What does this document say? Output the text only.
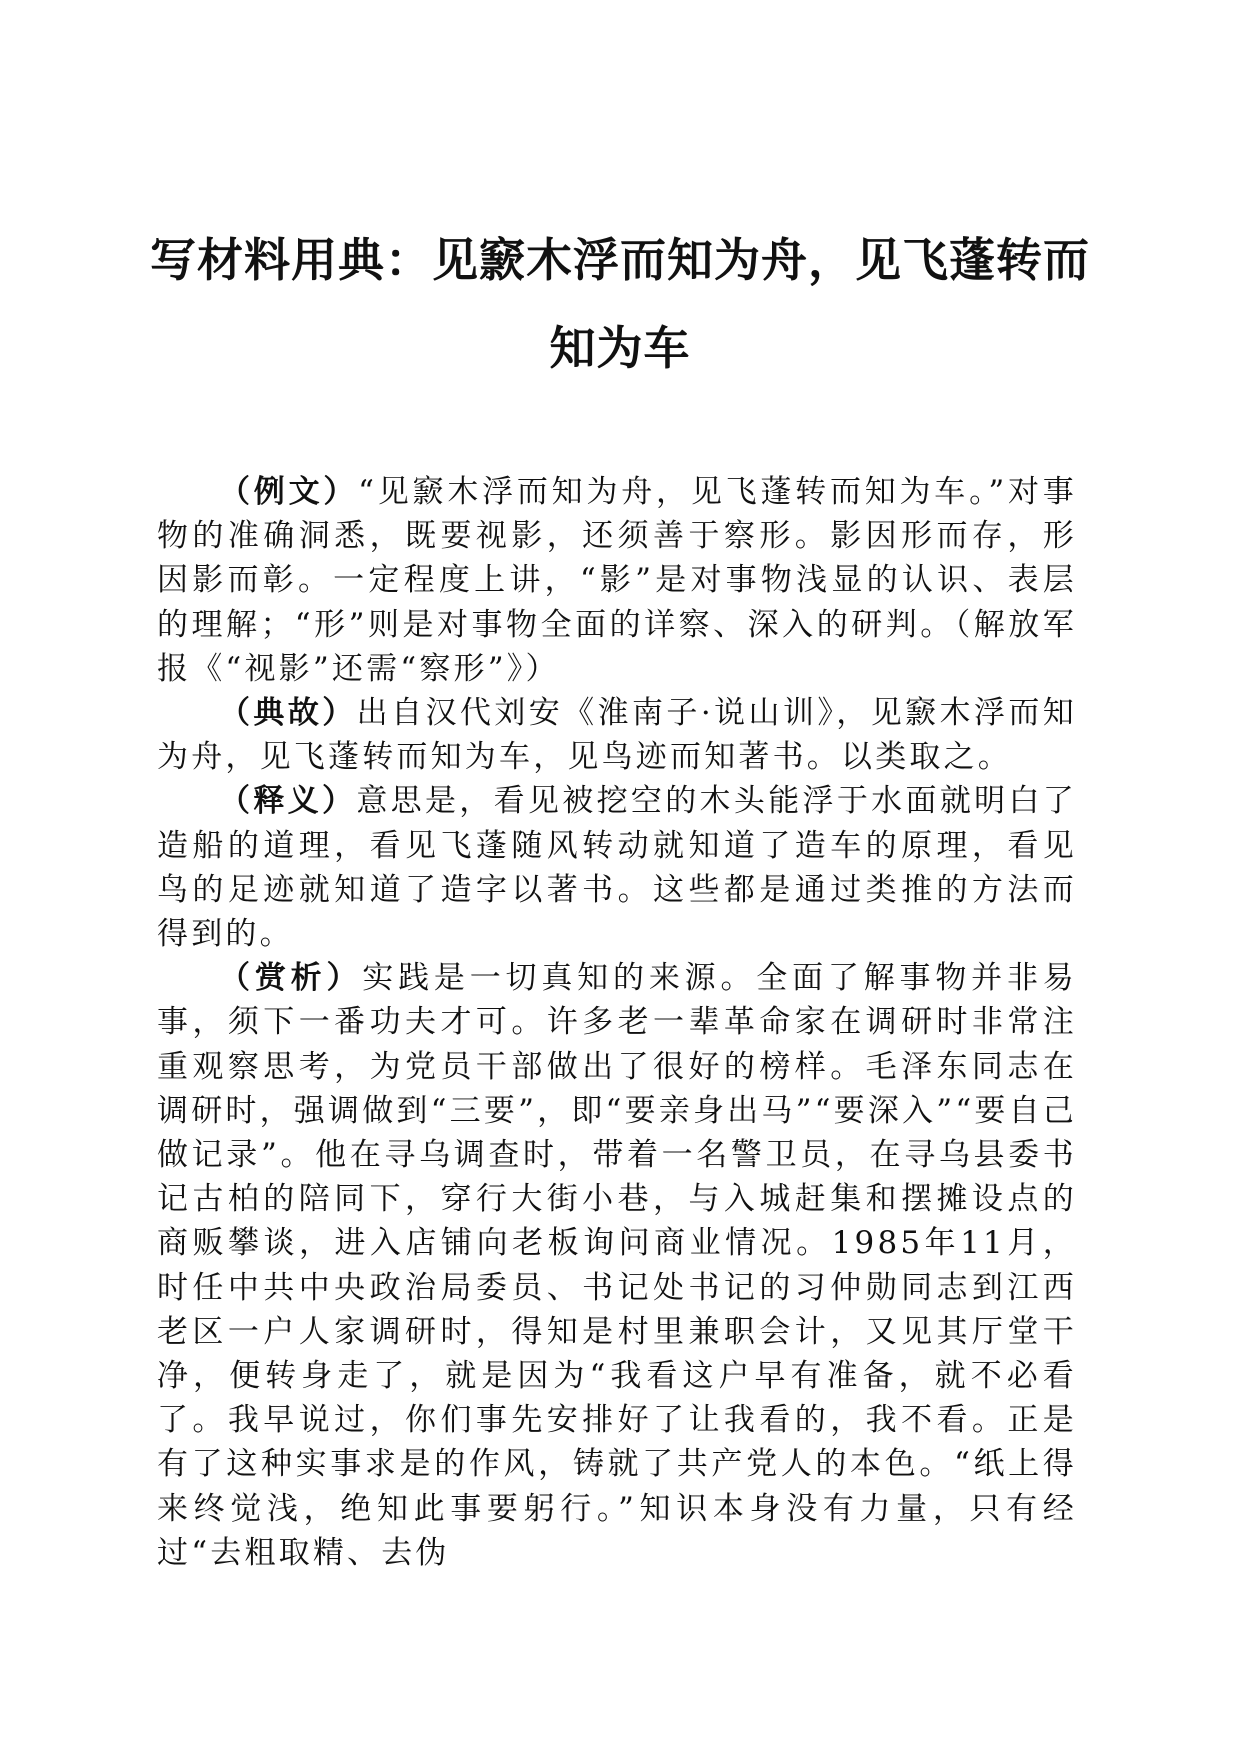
写材料用典：见窾木浮而知为舟，见飞蓬转而知为车

（例文）“见窾木浮而知为舟，见飞蓬转而知为车。”对事物的准确洞悉，既要视影，还须善于察形。影因形而存，形因影而彰。一定程度上讲，“影”是对事物浅显的认识、表层的理解；“形”则是对事物全面的详察、深入的研判。（解放军报《“视影”还需“察形”》）

（典故）出自汉代刘安《淮南子·说山训》，见窾木浮而知为舟，见飞蓬转而知为车，见鸟迹而知著书。以类取之。

（释义）意思是，看见被挖空的木头能浮于水面就明白了造船的道理，看见飞蓬随风转动就知道了造车的原理，看见鸟的足迹就知道了造字以著书。这些都是通过类推的方法而得到的。

（赏析）实践是一切真知的来源。全面了解事物并非易事，须下一番功夫才可。许多老一辈革命家在调研时非常注重观察思考，为党员干部做出了很好的榜样。毛泽东同志在调研时，强调做到“三要”，即“要亲身出马”“要深入”“要自己做记录”。他在寻乌调查时，带着一名警卫员，在寻乌县委书记古柏的陪同下，穿行大街小巷，与入城赶集和摆摊设点的商贩攀谈，进入店铺向老板询问商业情况。1985年11月，时任中共中央政治局委员、书记处书记的习仲勋同志到江西老区一户人家调研时，得知是村里兼职会计，又见其厅堂干净，便转身走了，就是因为“我看这户早有准备，就不必看了。我早说过，你们事先安排好了让我看的，我不看。正是有了这种实事求是的作风，铸就了共产党人的本色。“纸上得来终觉浅，绝知此事要躬行。”知识本身没有力量，只有经过“去粗取精、去伪
